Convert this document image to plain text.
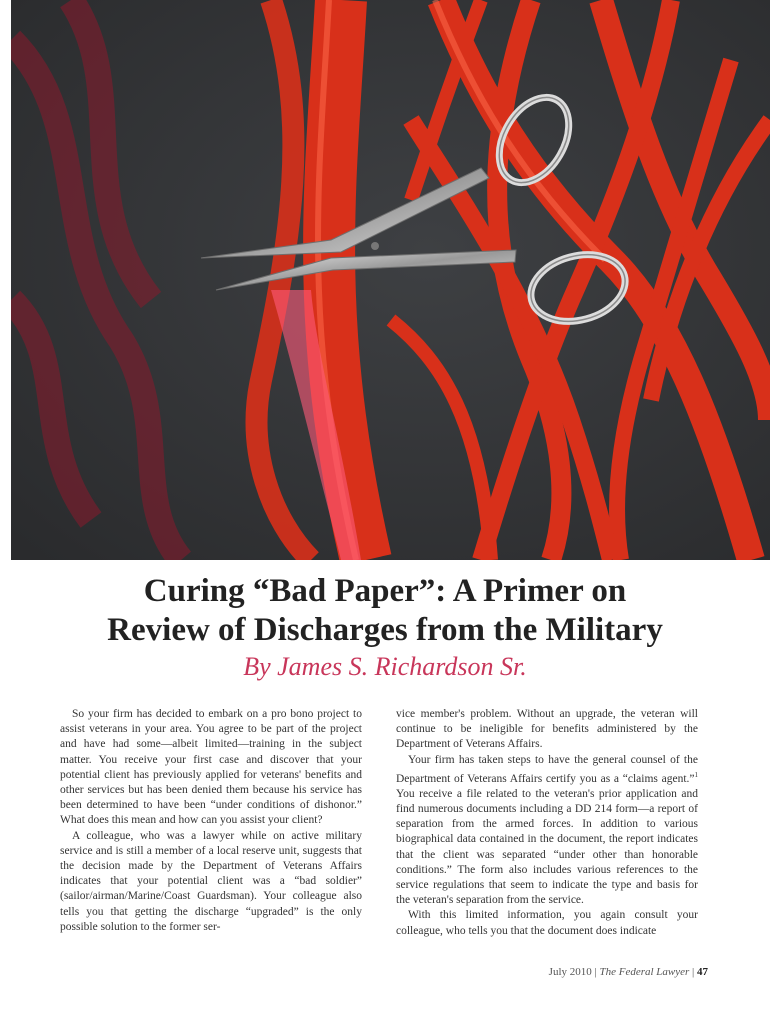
Curing “Bad Paper”: A Primer on
Review of Discharges from the Military

By James S. Richardson Sr.

So your firm has decided to embark on a pro bono project to assist veterans in your area. You agree to be part of the project and have had some—albeit limited—training in the subject matter. You receive your first case and discover that your potential client has previously applied for veterans' benefits and other services but has been denied them because his service has been determined to have been “under conditions of dishonor.” What does this mean and how can you assist your client?

A colleague, who was a lawyer while on active military service and is still a member of a local reserve unit, suggests that the decision made by the Department of Veterans Affairs indicates that your potential client was a “bad soldier” (sailor/airman/Marine/Coast Guardsman). Your colleague also tells you that getting the discharge “upgraded” is the only possible solution to the former ser-

vice member's problem. Without an upgrade, the veteran will continue to be ineligible for benefits administered by the Department of Veterans Affairs.

Your firm has taken steps to have the general counsel of the Department of Veterans Affairs certify you as a “claims agent.”$^1$ You receive a file related to the veteran's prior application and find numerous documents including a DD 214 form—a report of separation from the armed forces. In addition to various biographical data contained in the document, the report indicates that the client was separated “under other than honorable conditions.” The form also includes various references to the service regulations that seem to indicate the type and basis for the veteran's separation from the service.

With this limited information, you again consult your colleague, who tells you that the document does indicate

July 2010 | The Federal Lawyer | 47
